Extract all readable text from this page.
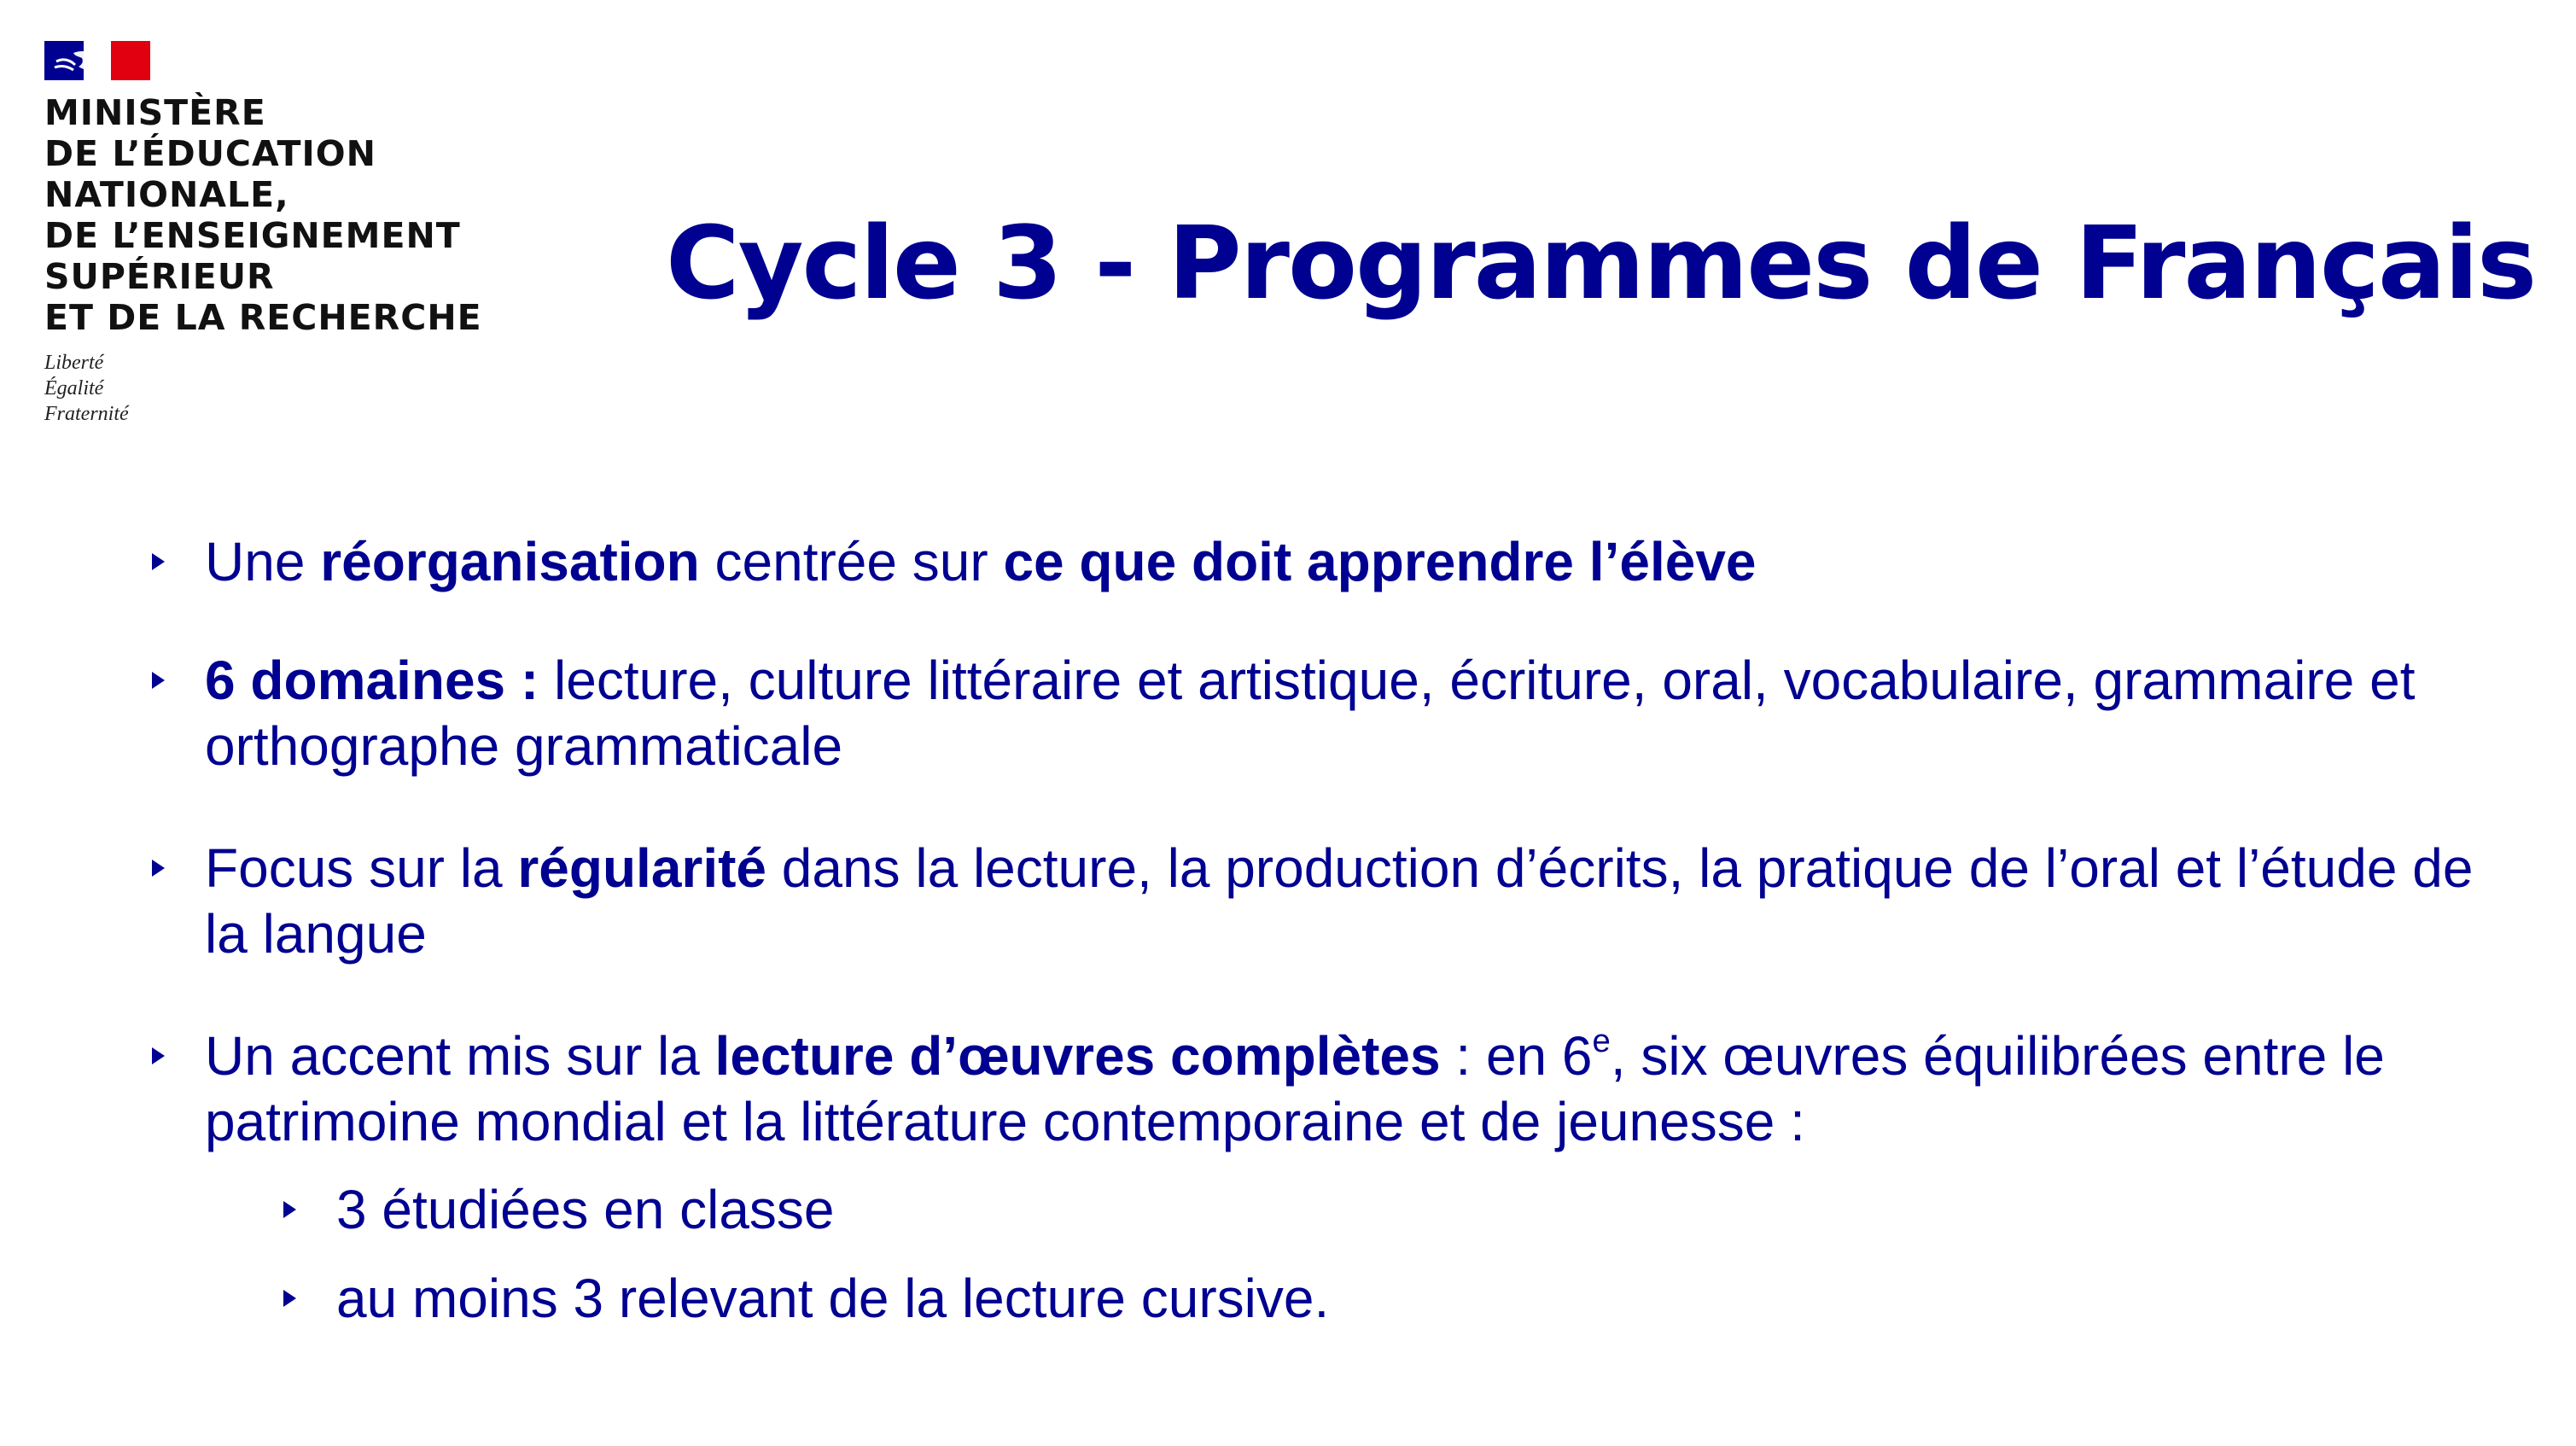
MINISTÈRE
DE L’ÉDUCATION
NATIONALE,
DE L’ENSEIGNEMENT
SUPÉRIEUR
ET DE LA RECHERCHE
Liberté
Égalité
Fraternité
Cycle 3 - Programmes de Français
Une réorganisation centrée sur ce que doit apprendre l’élève
6 domaines : lecture, culture littéraire et artistique, écriture, oral, vocabulaire, grammaire et orthographe grammaticale
Focus sur la régularité dans la lecture, la production d’écrits, la pratique de l’oral et l’étude de la langue
Un accent mis sur la lecture d’œuvres complètes : en 6e, six œuvres équilibrées entre le patrimoine mondial et la littérature contemporaine et de jeunesse :
3 étudiées en classe
au moins 3 relevant de la lecture cursive.
